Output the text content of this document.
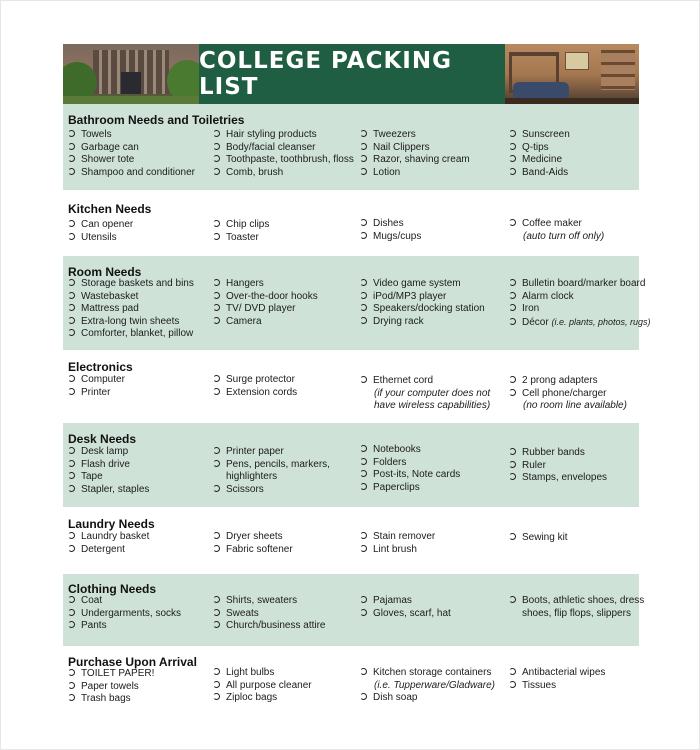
COLLEGE PACKING LIST
Bathroom Needs and Toiletries
Towels
Garbage can
Shower tote
Shampoo and conditioner
Hair styling products
Body/facial cleanser
Toothpaste, toothbrush, floss
Comb, brush
Tweezers
Nail Clippers
Razor, shaving cream
Lotion
Sunscreen
Q-tips
Medicine
Band-Aids
Kitchen Needs
Can opener
Utensils
Chip clips
Toaster
Dishes
Mugs/cups
Coffee maker
(auto turn off only)
Room Needs
Storage baskets and bins
Wastebasket
Mattress pad
Extra-long twin sheets
Comforter, blanket, pillow
Hangers
Over-the-door hooks
TV/ DVD player
Camera
Video game system
iPod/MP3 player
Speakers/docking station
Drying rack
Bulletin board/marker board
Alarm clock
Iron
Décor (i.e. plants, photos, rugs)
Electronics
Computer
Printer
Surge protector
Extension cords
Ethernet cord
(if your computer does not
have wireless capabilities)
2 prong adapters
Cell phone/charger
(no room line available)
Desk Needs
Desk lamp
Flash drive
Tape
Stapler, staples
Printer paper
Pens, pencils, markers,
highlighters
Scissors
Notebooks
Folders
Post-its, Note cards
Paperclips
Rubber bands
Ruler
Stamps, envelopes
Laundry Needs
Laundry basket
Detergent
Dryer sheets
Fabric softener
Stain remover
Lint brush
Sewing kit
Clothing Needs
Coat
Undergarments, socks
Pants
Shirts, sweaters
Sweats
Church/business attire
Pajamas
Gloves, scarf, hat
Boots, athletic shoes, dress
shoes, flip flops, slippers
Purchase Upon Arrival
TOILET PAPER!
Paper towels
Trash bags
Light bulbs
All purpose cleaner
Ziploc bags
Kitchen storage containers
(i.e. Tupperware/Gladware)
Dish soap
Antibacterial wipes
Tissues
